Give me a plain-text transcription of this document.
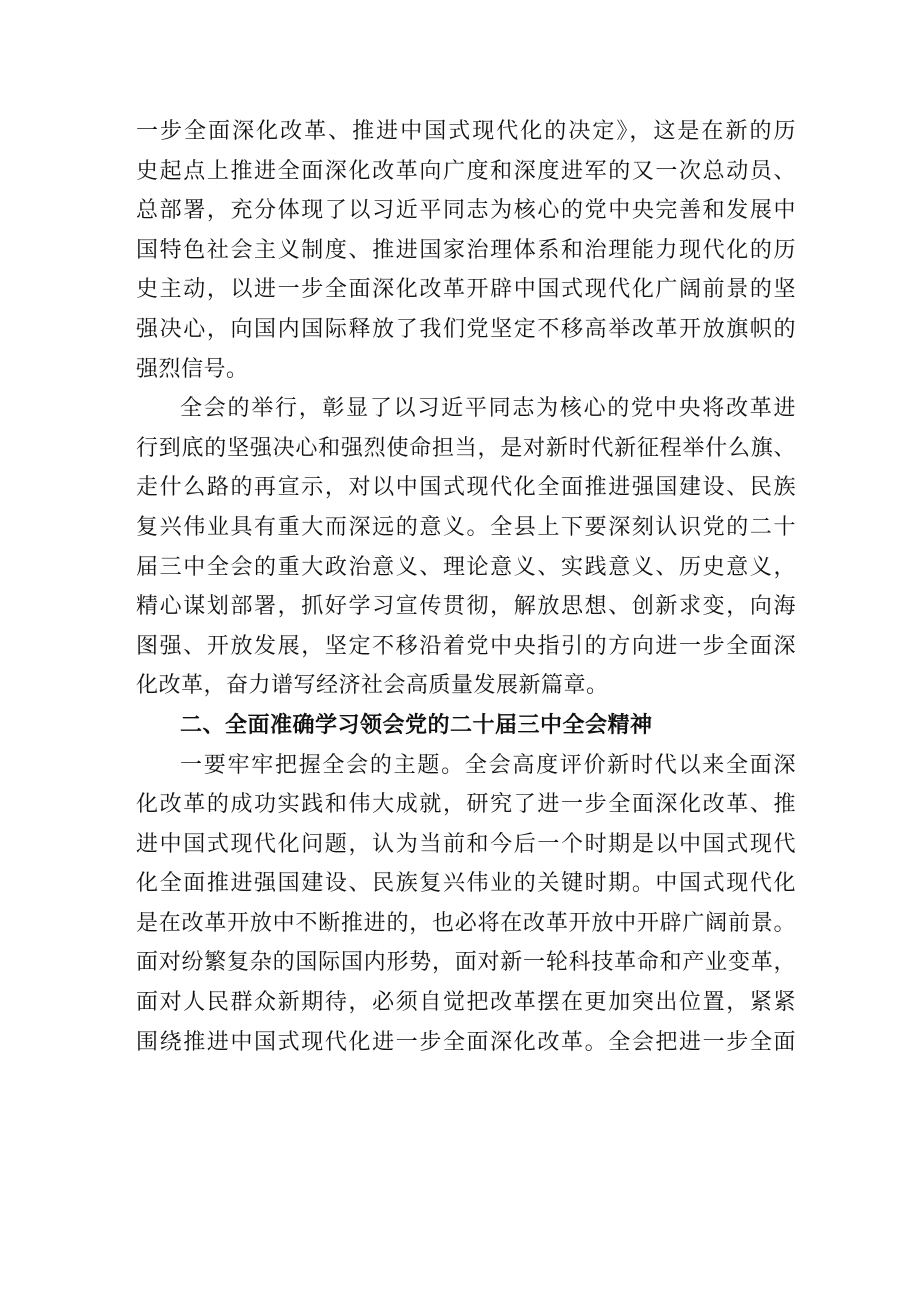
一步全面深化改革、推进中国式现代化的决定》，这是在新的历
史起点上推进全面深化改革向广度和深度进军的又一次总动员、
总部署，充分体现了以习近平同志为核心的党中央完善和发展中
国特色社会主义制度、推进国家治理体系和治理能力现代化的历
史主动，以进一步全面深化改革开辟中国式现代化广阔前景的坚
强决心，向国内国际释放了我们党坚定不移高举改革开放旗帜的
强烈信号。
全会的举行，彰显了以习近平同志为核心的党中央将改革进
行到底的坚强决心和强烈使命担当，是对新时代新征程举什么旗、
走什么路的再宣示，对以中国式现代化全面推进强国建设、民族
复兴伟业具有重大而深远的意义。全县上下要深刻认识党的二十
届三中全会的重大政治意义、理论意义、实践意义、历史意义，
精心谋划部署，抓好学习宣传贯彻，解放思想、创新求变，向海
图强、开放发展，坚定不移沿着党中央指引的方向进一步全面深
化改革，奋力谱写经济社会高质量发展新篇章。
二、全面准确学习领会党的二十届三中全会精神
一要牢牢把握全会的主题。全会高度评价新时代以来全面深
化改革的成功实践和伟大成就，研究了进一步全面深化改革、推
进中国式现代化问题，认为当前和今后一个时期是以中国式现代
化全面推进强国建设、民族复兴伟业的关键时期。中国式现代化
是在改革开放中不断推进的，也必将在改革开放中开辟广阔前景。
面对纷繁复杂的国际国内形势，面对新一轮科技革命和产业变革，
面对人民群众新期待，必须自觉把改革摆在更加突出位置，紧紧
围绕推进中国式现代化进一步全面深化改革。全会把进一步全面
